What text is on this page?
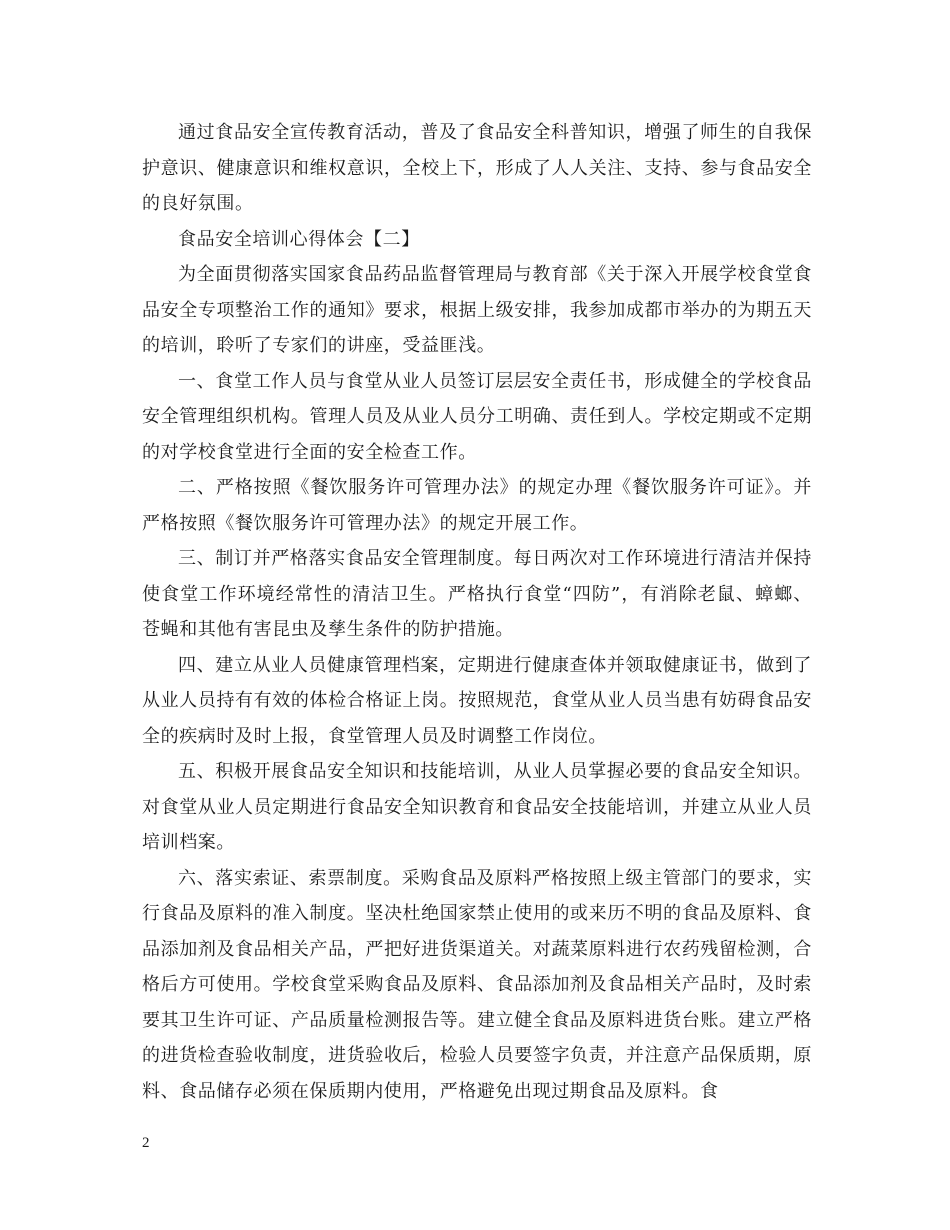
通过食品安全宣传教育活动，普及了食品安全科普知识，增强了师生的自我保护意识、健康意识和维权意识，全校上下，形成了人人关注、支持、参与食品安全的良好氛围。

食品安全培训心得体会【二】

为全面贯彻落实国家食品药品监督管理局与教育部《关于深入开展学校食堂食品安全专项整治工作的通知》要求，根据上级安排，我参加成都市举办的为期五天的培训，聆听了专家们的讲座，受益匪浅。

一、食堂工作人员与食堂从业人员签订层层安全责任书，形成健全的学校食品安全管理组织机构。管理人员及从业人员分工明确、责任到人。学校定期或不定期的对学校食堂进行全面的安全检查工作。

二、严格按照《餐饮服务许可管理办法》的规定办理《餐饮服务许可证》。并严格按照《餐饮服务许可管理办法》的规定开展工作。

三、制订并严格落实食品安全管理制度。每日两次对工作环境进行清洁并保持使食堂工作环境经常性的清洁卫生。严格执行食堂“四防”，有消除老鼠、蟑螂、苍蝇和其他有害昆虫及孳生条件的防护措施。

四、建立从业人员健康管理档案，定期进行健康查体并领取健康证书，做到了从业人员持有有效的体检合格证上岗。按照规范，食堂从业人员当患有妨碍食品安全的疾病时及时上报，食堂管理人员及时调整工作岗位。

五、积极开展食品安全知识和技能培训，从业人员掌握必要的食品安全知识。对食堂从业人员定期进行食品安全知识教育和食品安全技能培训，并建立从业人员培训档案。

六、落实索证、索票制度。采购食品及原料严格按照上级主管部门的要求，实行食品及原料的准入制度。坚决杜绝国家禁止使用的或来历不明的食品及原料、食品添加剂及食品相关产品，严把好进货渠道关。对蔬菜原料进行农药残留检测，合格后方可使用。学校食堂采购食品及原料、食品添加剂及食品相关产品时，及时索要其卫生许可证、产品质量检测报告等。建立健全食品及原料进货台账。建立严格的进货检查验收制度，进货验收后，检验人员要签字负责，并注意产品保质期，原料、食品储存必须在保质期内使用，严格避免出现过期食品及原料。食

2
